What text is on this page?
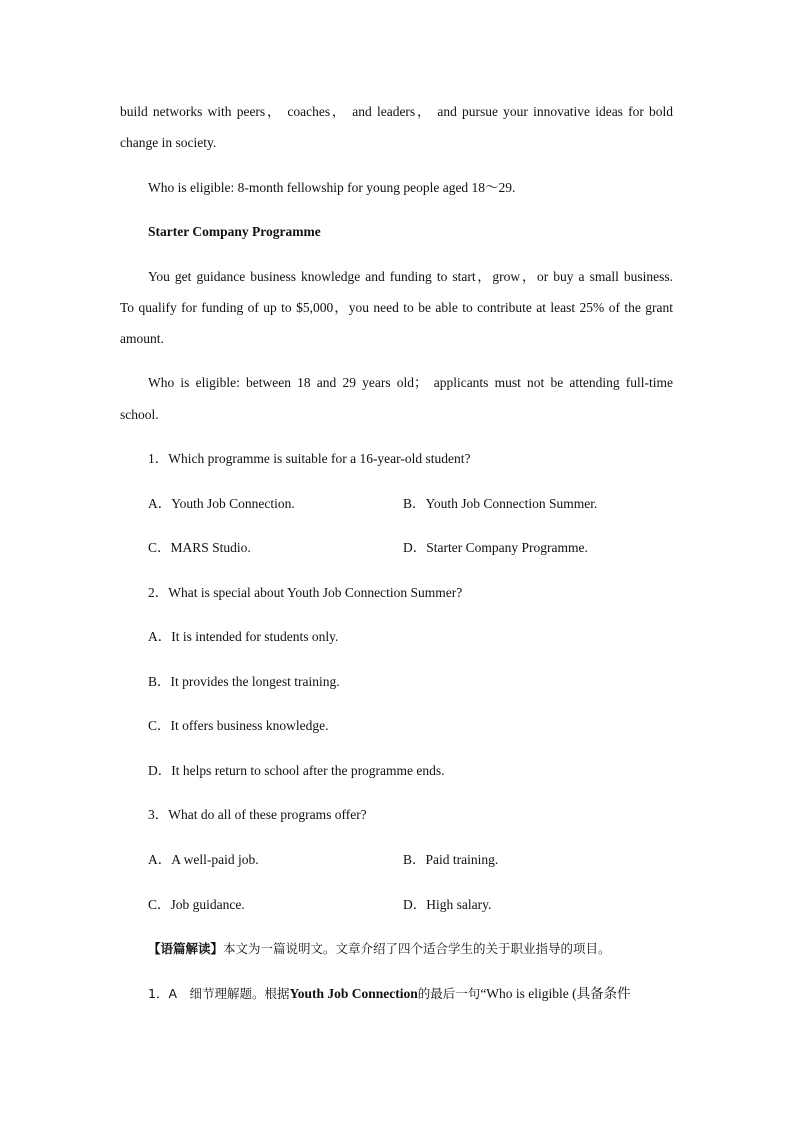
build networks with peers， coaches， and leaders， and pursue your innovative ideas for bold
change in society.
Who is eligible: 8-month fellowship for young people aged 18～29.
Starter Company Programme
You get guidance business knowledge and funding to start，grow，or buy a small business.
To qualify for funding of up to $5,000，you need to be able to contribute at least 25% of the grant
amount.
Who is eligible: between 18 and 29 years old； applicants must not be attending full-time
school.
1．Which programme is suitable for a 16-year-old student?
A．Youth Job Connection.	B．Youth Job Connection Summer.
C．MARS Studio.	D．Starter Company Programme.
2．What is special about Youth Job Connection Summer?
A．It is intended for students only.
B．It provides the longest training.
C．It offers business knowledge.
D．It helps return to school after the programme ends.
3．What do all of these programs offer?
A．A well-paid job.	B．Paid training.
C．Job guidance.	D．High salary.
【语篇解读】本文为一篇说明文。文章介绍了四个适合学生的关于职业指导的项目。
1．A　细节理解题。根据Youth Job Connection的最后一句“Who is eligible (具备条件
